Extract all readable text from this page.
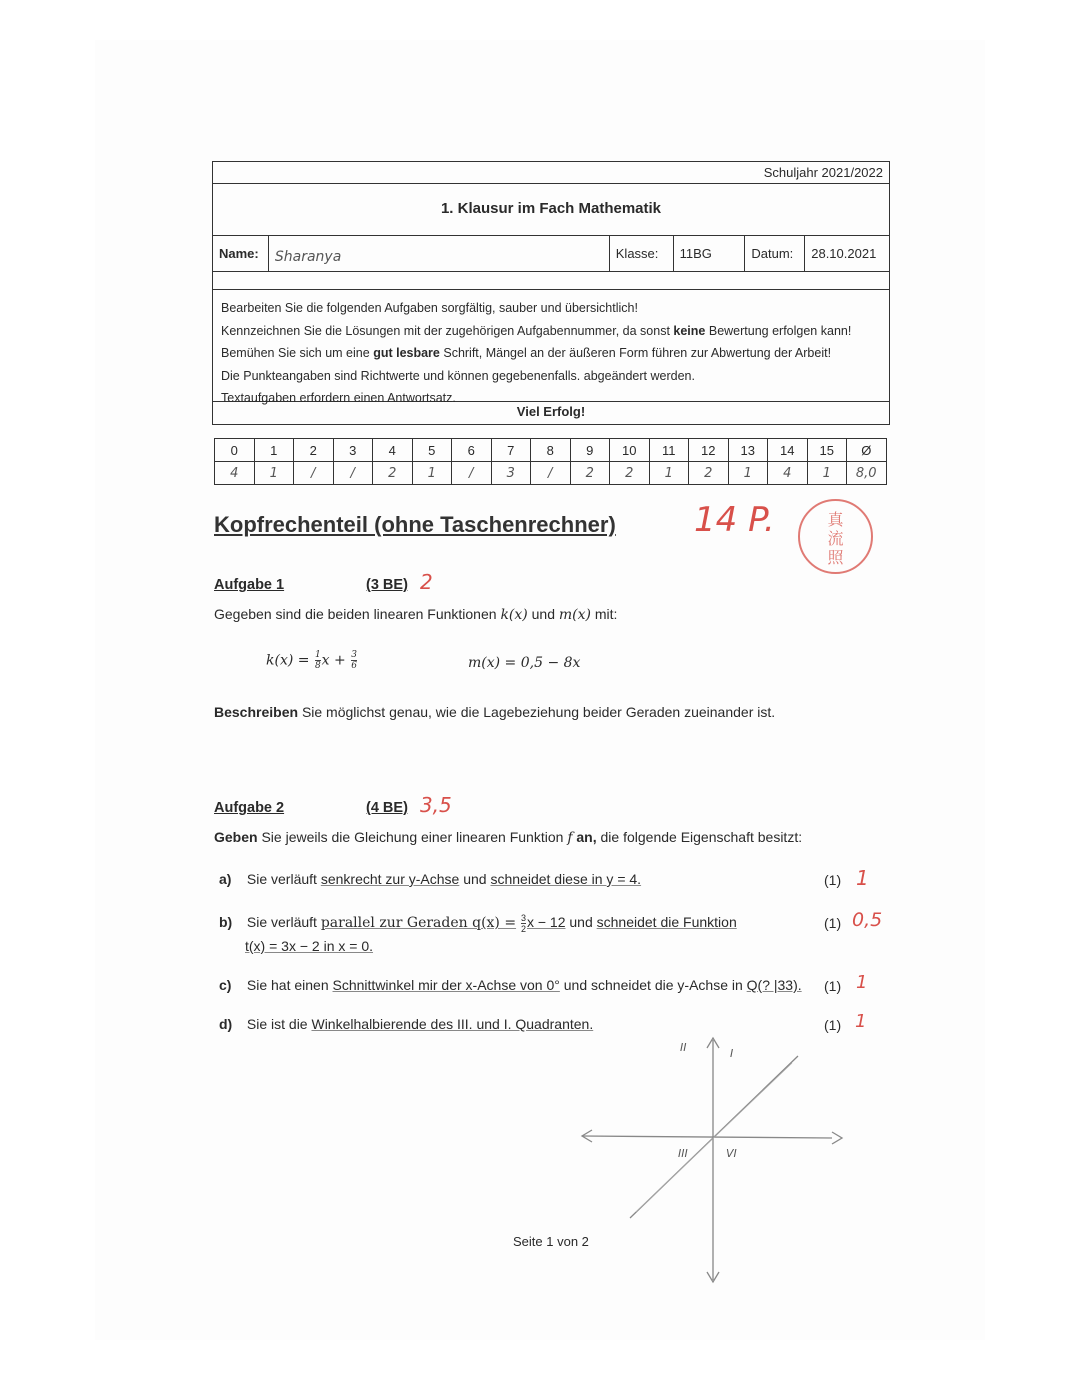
Schuljahr 2021/2022
1. Klausur im Fach Mathematik
Name:	Sharanya	Klasse:	11BG	Datum:	28.10.2021
Bearbeiten Sie die folgenden Aufgaben sorgfältig, sauber und übersichtlich!
Kennzeichnen Sie die Lösungen mit der zugehörigen Aufgabennummer, da sonst keine Bewertung erfolgen kann!
Bemühen Sie sich um eine gut lesbare Schrift, Mängel an der äußeren Form führen zur Abwertung der Arbeit!
Die Punkteangaben sind Richtwerte und können gegebenenfalls. abgeändert werden.
Textaufgaben erfordern einen Antwortsatz.
Viel Erfolg!
0	1	2	3	4	5	6	7	8	9	10	11	12	13	14	15	Ø
4	1	/	/	2	1	/	3	/	2	2	1	2	1	4	1	8,0
Kopfrechenteil (ohne Taschenrechner) 14 P.	真
流
照
Aufgabe 1	(3 BE) 2
Gegeben sind die beiden linearen Funktionen k(x) und m(x) mit:
$k(x) = \frac{1}{8}$ $x + \frac{3}{6}$	m(x) = 0,5 − 8x
Beschreiben Sie möglichst genau, wie die Lagebeziehung beider Geraden zueinander ist.
Aufgabe 2	(4 BE) 3,5
Geben Sie jeweils die Gleichung einer linearen Funktion f an, die folgende Eigenschaft besitzt:
a) Sie verläuft senkrecht zur y-Achse und schneidet diese in y = 4.	(1) 1
b) Sie verläuft parallel zur Geraden $q(x) = \frac{3}{2}$ x − 12 und schneidet die Funktion
t(x) = 3x − 2 in x = 0.
(1) 0,5
c) Sie hat einen Schnittwinkel mir der x-Achse von 0° und schneidet die y-Achse in Q(? |33). (1) 1
d) Sie ist die Winkelhalbierende des III. und I. Quadranten.	(1) 1
II	I
III	VI
Seite 1 von 2
